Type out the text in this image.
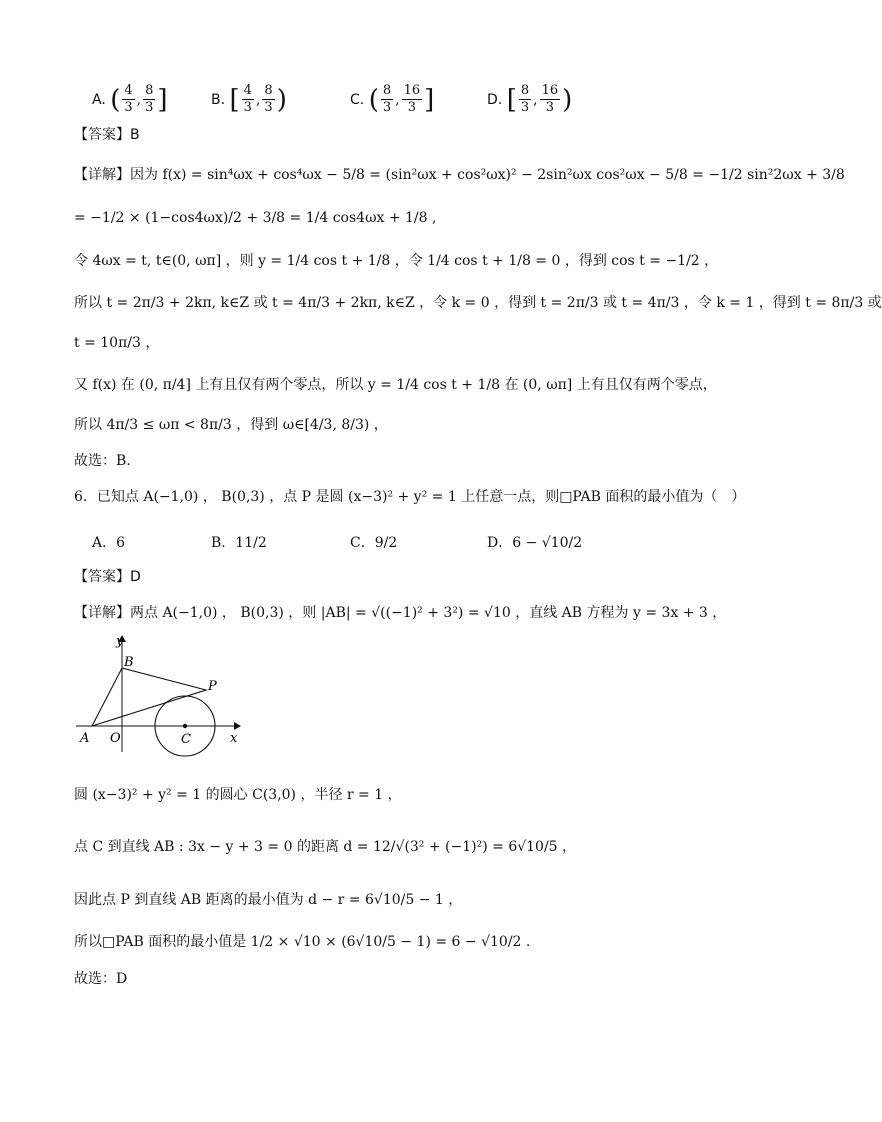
A. ( $\frac{4}{3}$ , $\frac{8}{3}$ ]	B. [ $\frac{4}{3}$ , $\frac{8}{3}$ )	C. ( $\frac{8}{3}$ , $\frac{16}{3}$ ]	D. [ $\frac{8}{3}$ , $\frac{16}{3}$ )
【答案】B
【详解】因为 f(x) = sin⁴ωx + cos⁴ωx − 5/8 = (sin²ωx + cos²ωx)² − 2sin²ωx cos²ωx − 5/8 = −1/2 sin²2ωx + 3/8
= −1/2 × (1−cos4ωx)/2 + 3/8 = 1/4 cos4ωx + 1/8 ,
令 4ωx = t, t∈(0, ωπ] ，则 y = 1/4 cos t + 1/8 ，令 1/4 cos t + 1/8 = 0 ，得到 cos t = −1/2 ，
所以 t = 2π/3 + 2kπ, k∈Z 或 t = 4π/3 + 2kπ, k∈Z ，令 k = 0 ，得到 t = 2π/3 或 t = 4π/3 ，令 k = 1 ，得到 t = 8π/3 或
t = 10π/3 ，
又 f(x) 在 (0, π/4] 上有且仅有两个零点，所以 y = 1/4 cos t + 1/8 在 (0, ωπ] 上有且仅有两个零点，
所以 4π/3 ≤ ωπ < 8π/3 ，得到 ω∈[4/3, 8/3) ，
故选：B.
6．已知点 A(−1,0) ， B(0,3) ，点 P 是圆 (x−3)² + y² = 1 上任意一点，则□PAB 面积的最小值为（　）
A．6	B．11/2	C．9/2	D．6 − √10/2
【答案】D
【详解】两点 A(−1,0) ， B(0,3) ，则 |AB| = √((−1)² + 3²) = √10 ，直线 AB 方程为 y = 3x + 3 ，
y
x
B
P
A O	C
圆 (x−3)² + y² = 1 的圆心 C(3,0) ，半径 r = 1 ，
点 C 到直线 AB : 3x − y + 3 = 0 的距离 d = 12/√(3² + (−1)²) = 6√10/5 ，
因此点 P 到直线 AB 距离的最小值为 d − r = 6√10/5 − 1 ，
所以□PAB 面积的最小值是 1/2 × √10 × (6√10/5 − 1) = 6 − √10/2 .
故选：D
